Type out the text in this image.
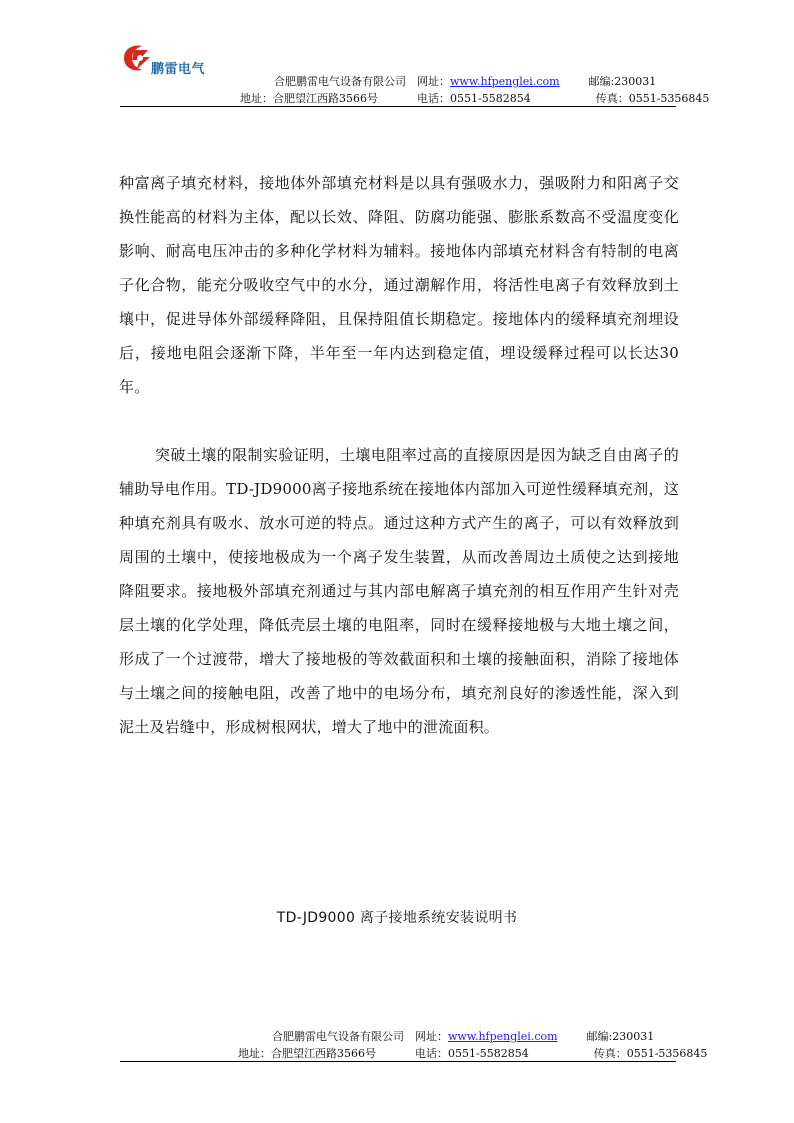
鹏雷电气
合肥鹏雷电气设备有限公司 网址：www.hfpenglei.com	邮编:230031
地址：合肥望江西路3566号	电话：0551-5582854	传真：0551-5356845

种富离子填充材料，接地体外部填充材料是以具有强吸水力，强吸附力和阳离子交换性能高的材料为主体，配以长效、降阻、防腐功能强、膨胀系数高不受温度变化影响、耐高电压冲击的多种化学材料为辅料。接地体内部填充材料含有特制的电离子化合物，能充分吸收空气中的水分，通过潮解作用，将活性电离子有效释放到土壤中，促进导体外部缓释降阻，且保持阻值长期稳定。接地体内的缓释填充剂埋设后，接地电阻会逐渐下降，半年至一年内达到稳定值，埋设缓释过程可以长达30年。

突破土壤的限制实验证明，土壤电阻率过高的直接原因是因为缺乏自由离子的辅助导电作用。TD-JD9000离子接地系统在接地体内部加入可逆性缓释填充剂，这种填充剂具有吸水、放水可逆的特点。通过这种方式产生的离子，可以有效释放到周围的土壤中，使接地极成为一个离子发生装置，从而改善周边土质使之达到接地降阻要求。接地极外部填充剂通过与其内部电解离子填充剂的相互作用产生针对壳层土壤的化学处理，降低壳层土壤的电阻率，同时在缓释接地极与大地土壤之间，形成了一个过渡带，增大了接地极的等效截面积和土壤的接触面积，消除了接地体与土壤之间的接触电阻，改善了地中的电场分布，填充剂良好的渗透性能，深入到泥土及岩缝中，形成树根网状，增大了地中的泄流面积。

TD-JD9000 离子接地系统安装说明书
合肥鹏雷电气设备有限公司 网址：www.hfpenglei.com	邮编:230031
地址：合肥望江西路3566号	电话：0551-5582854	传真：0551-5356845
